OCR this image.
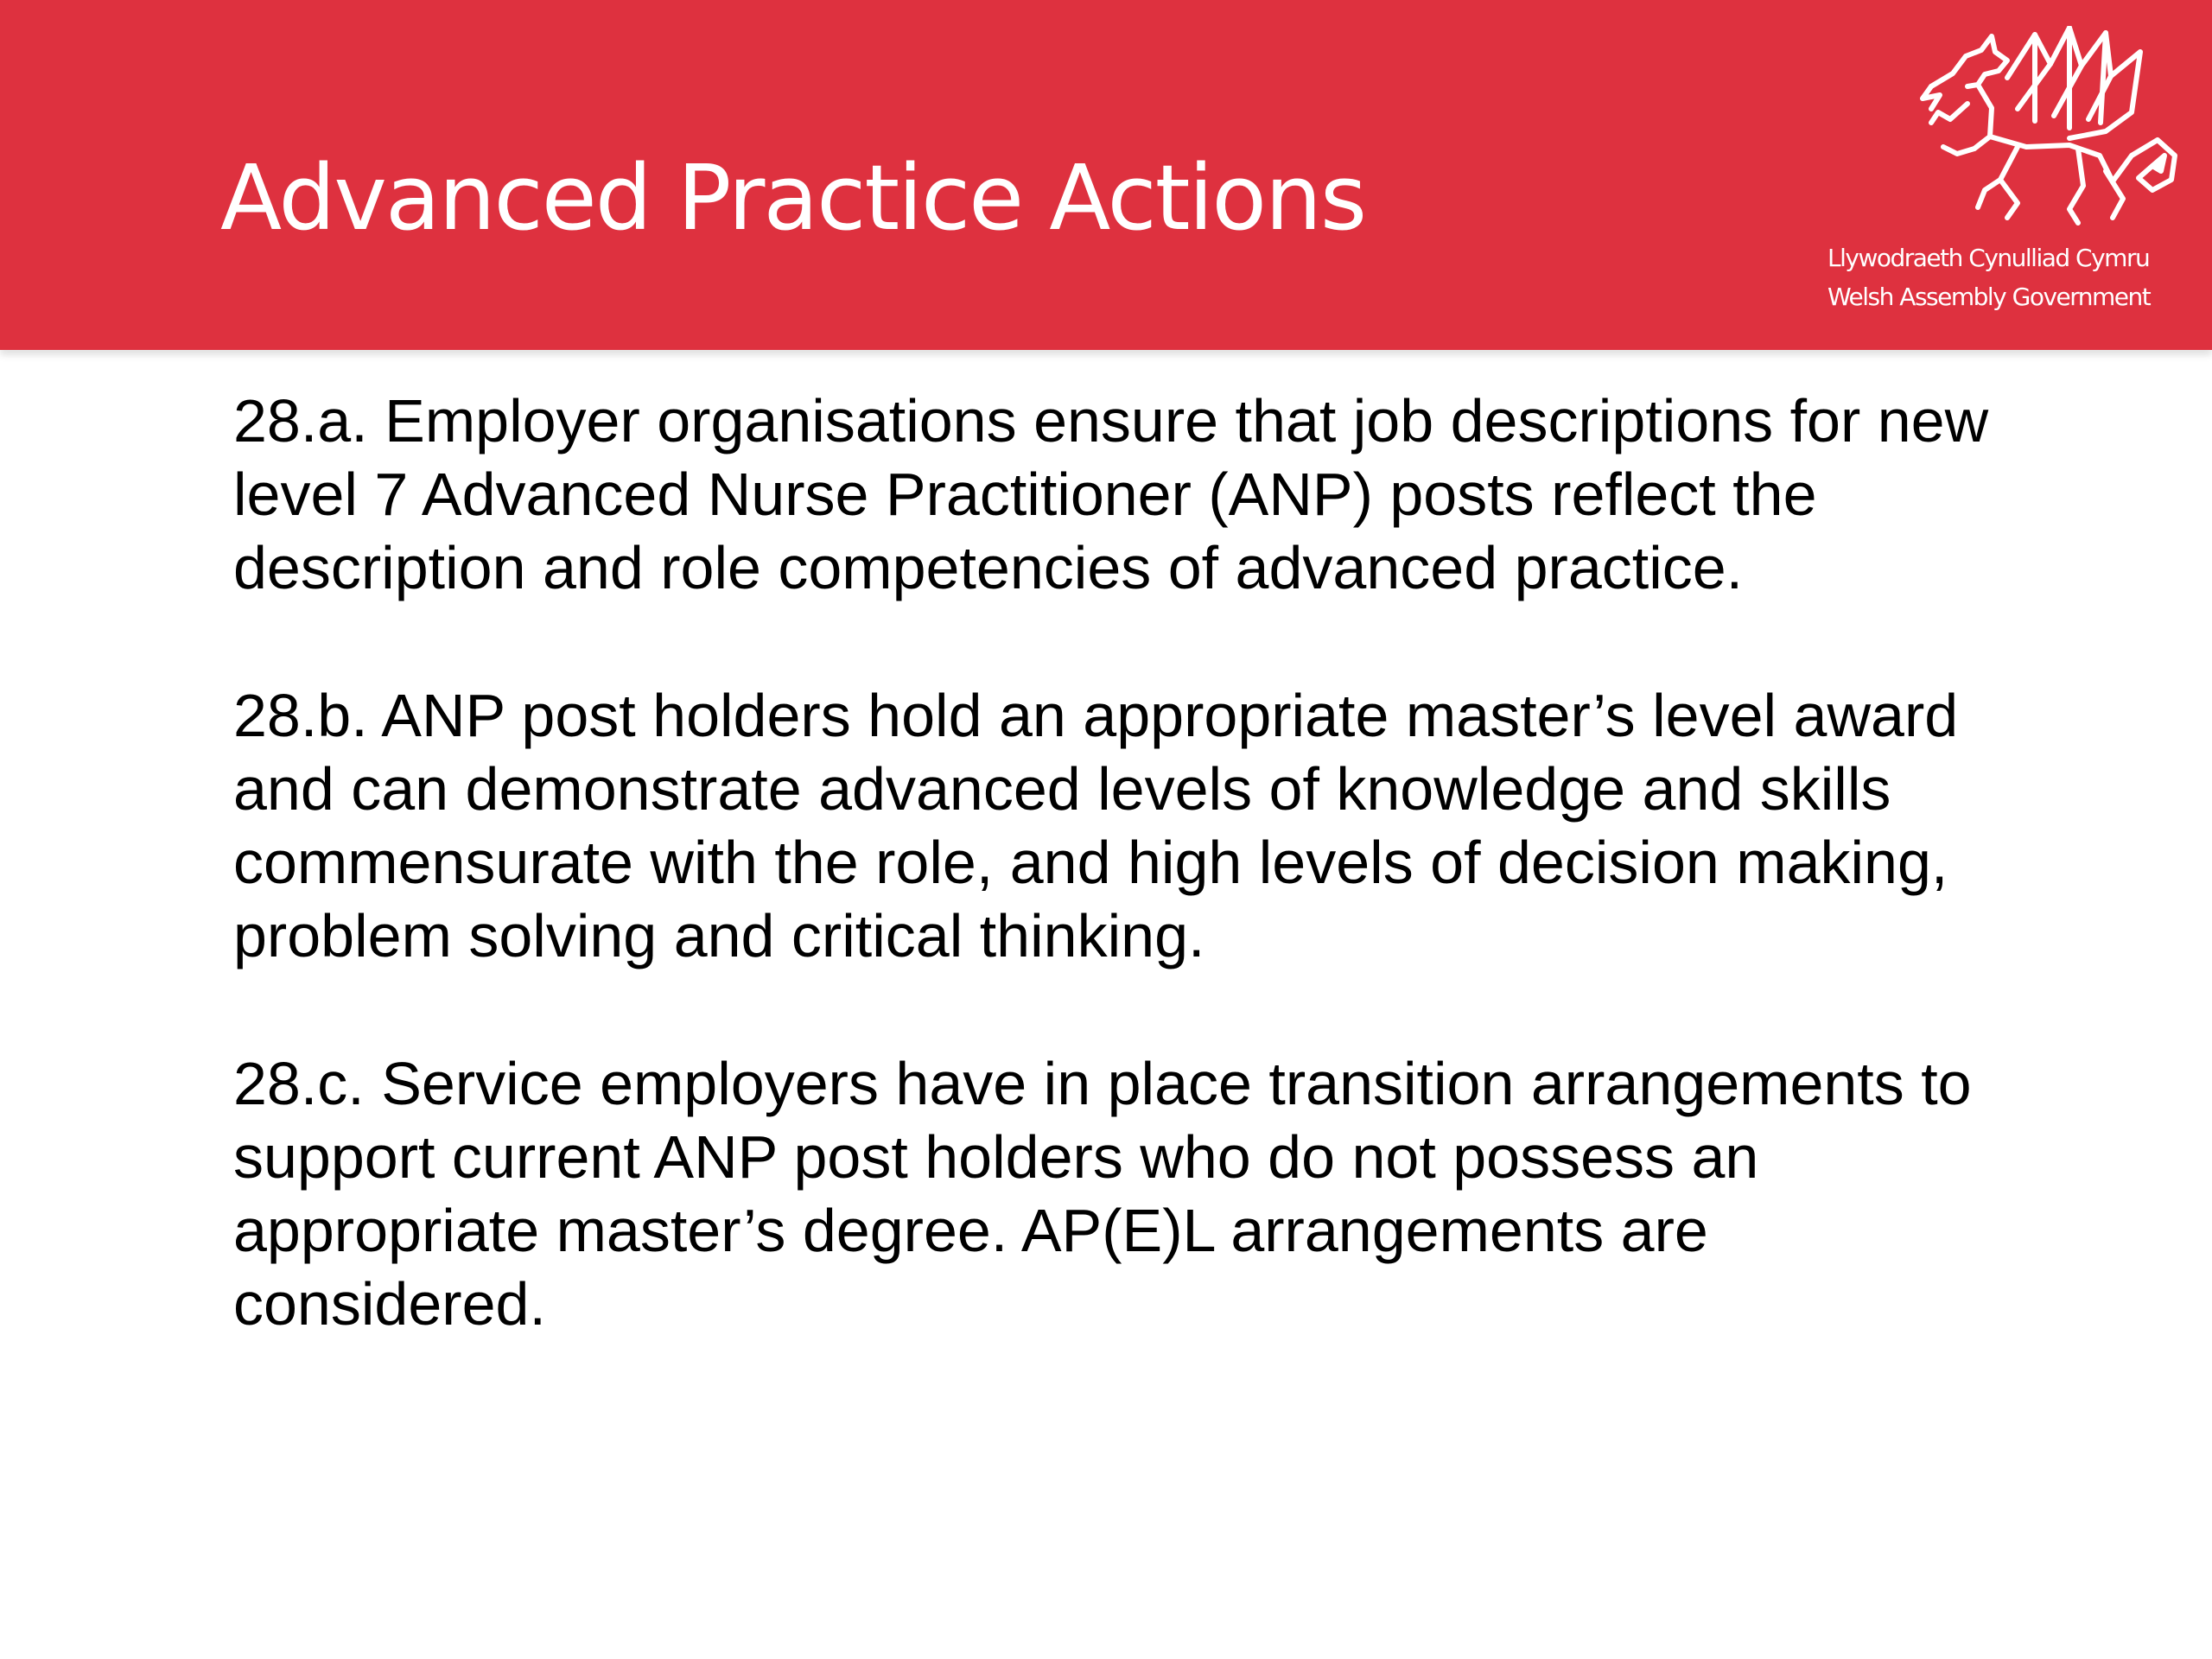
Advanced Practice Actions
Llywodraeth Cynulliad Cymru
Welsh Assembly Government

28.a. Employer organisations ensure that job descriptions for new level 7 Advanced Nurse Practitioner (ANP) posts reflect the description and role competencies of advanced practice.

28.b. ANP post holders hold an appropriate master’s level award and can demonstrate advanced levels of knowledge and skills commensurate with the role, and high levels of decision making, problem solving and critical thinking.

28.c. Service employers have in place transition arrangements to support current ANP post holders who do not possess an appropriate master’s degree. AP(E)L arrangements are considered.
